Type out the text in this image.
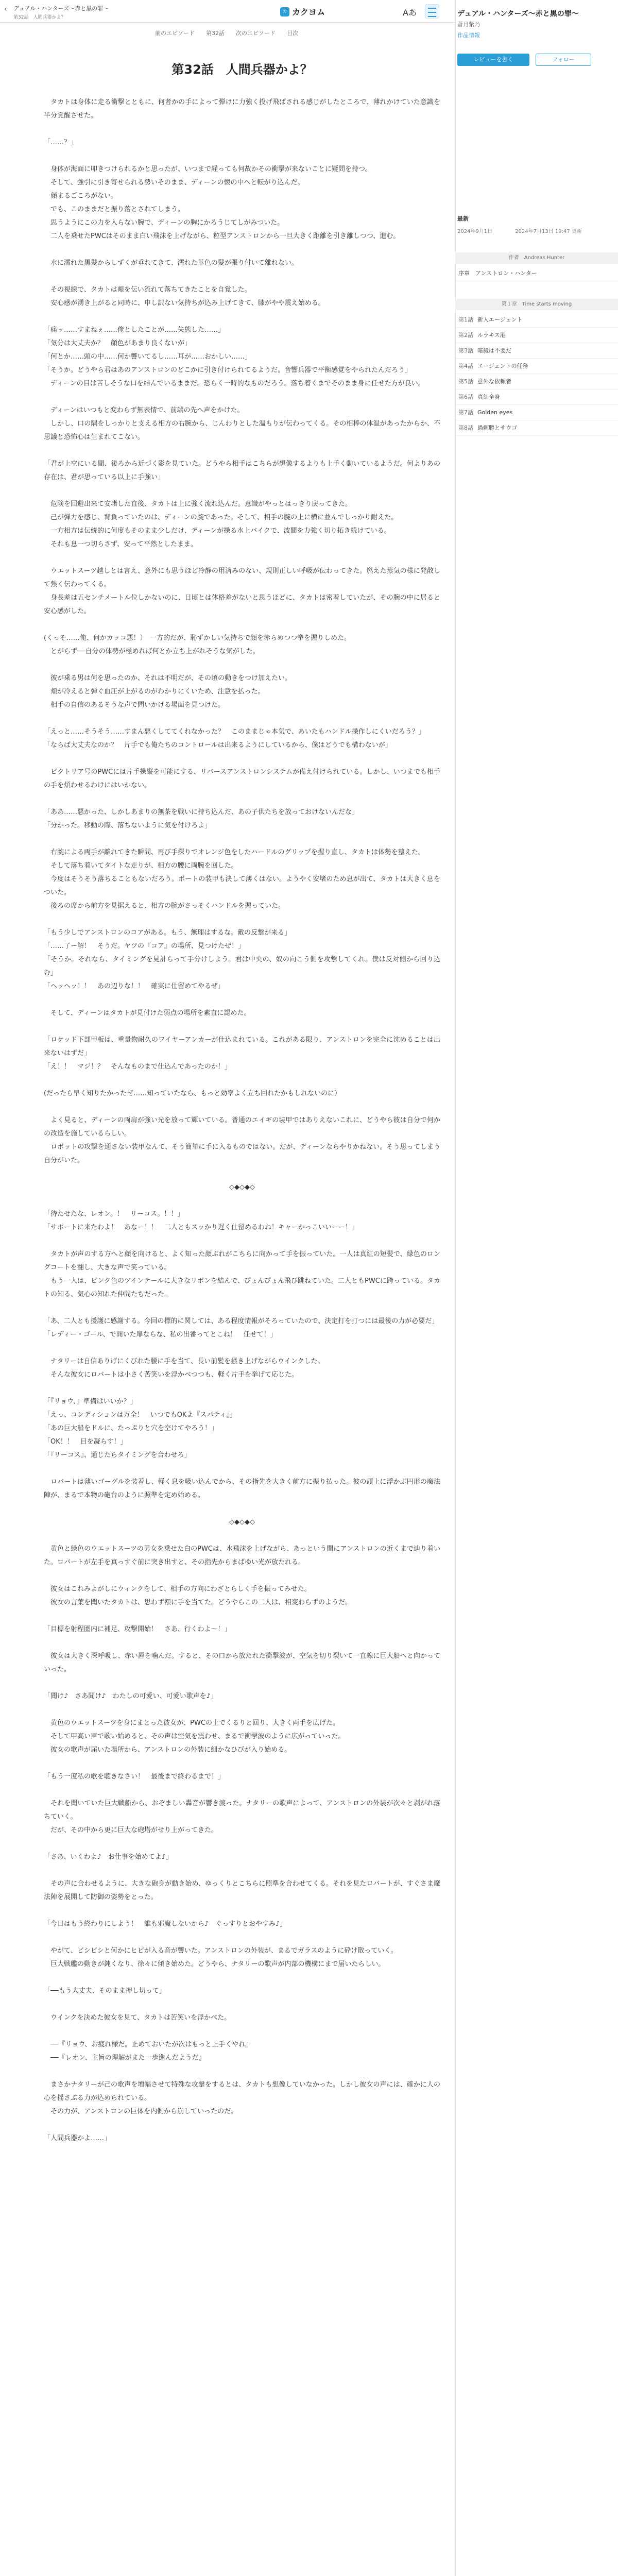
‹ デュアル・ハンターズ〜赤と黒の罪〜
第32話　人間兵器かよ？
カ カクヨム	Aあ
前のエピソード 第32話 次のエピソード 目次
第32話　人間兵器かよ？

　タカトは身体に走る衝撃とともに、何者かの手によって弾けに力強く投げ飛ばされる感じがしたところで、薄れかけていた意識を半分覚醒させた。

「……？」

　身体が海面に叩きつけられるかと思ったが、いつまで経っても何故かその衝撃が来ないことに疑問を持つ。
　そして、強引に引き寄せられる勢いそのまま、ディーンの懐の中へと転がり込んだ。
　顔まるごころがない。
　でも、このままだと振り落とされてしまう。
　思うようにこの力を入らない腕で、ディーンの胸にかろうじてしがみついた。
　二人を乗せたPWCはそのまま白い飛沫を上げながら、粒型アンストロンから一旦大きく距離を引き離しつつ、進む。

　水に濡れた黒髪からしずくが垂れてきて、濡れた革色の髪が張り付いて離れない。

　その視線で、タカトは頬を伝い流れて落ちてきたことを自覚した。
　安心感が湧き上がると同時に、申し訳ない気持ちが込み上げてきて、膝がやや震え始める。

「痛ッ……すまねぇ……俺としたことが……失態した……」
「気分は大丈夫か？　顔色があまり良くないが」
「何とか……頭の中……何か響いてるし……耳が……おかしい……」
「そうか。どうやら君はあのアンストロンのどこかに引き付けられてるようだ。音響兵器で平衡感覚をやられたんだろう」
　ディーンの目は苦しそうな口を結んでいるままだ。恐らく一時的なものだろう。落ち着くまでそのまま身に任せた方が良い。

　ディーンはいつもと変わらず無表情で、前端の先へ声をかけた。
　しかし、口の隅をしっかりと支える相方の右腕から、じんわりとした温もりが伝わってくる。その相棒の体温があったからか、不思議と恐怖心は生まれてこない。

「君が上空にいる間、後ろから近づく影を見ていた。どうやら相手はこちらが想像するよりも上手く動いているようだ。何よりあの存在は、君が思っている以上に手強い」

　危険を回避出来て安堵した直後、タカトは上に強く流れ込んだ。意識がやっとはっきり戻ってきた。
　己が弾力を感じ、背負っていたのは、ディーンの腕であった。そして、相手の腕の上に横に並んでしっかり耐えた。
　一方相方は伝統的に何度もそのまま少しだけ、ディーンが操る水上バイクで、波間を力強く切り拓き続けている。
　それも息一つ切らさず、安って平然としたまま。

　ウエットスーツ越しとは言え、意外にも思うほど冷静の用済みのない、規則正しい呼吸が伝わってきた。燃えた蒸気の様に発散して熱く伝わってくる。
　身長差は五センチメートル位しかないのに、日頃とは体格差がないと思うほどに、タカトは密着していたが、その腕の中に居ると安心感がした。

(くっそ……俺、何かカッコ悪！）　一方的だが、恥ずかしい気持ちで顔を赤らめつつ拳を握りしめた。
　とがらず──自分の体勢が極めれば何とか立ち上がれそうな気がした。

　彼が乗る男は何を思ったのか、それは不明だが、その頃の動きをつけ加えたい。
　頬が冷えると弾ぐ血圧が上がるのがわかりにくいため、注意を払った。
　相手の自信のあるそうな声で問いかける場面を見つけた。

「えっと……そうそう……すまん悪くしててくれなかった？　このままじゃ本気で、あいたもハンドル操作しにくいだろう？」
「ならば大丈夫なのか？　片手でも俺たちのコントロールは出来るようにしているから、僕はどうでも構わないが」

　ビクトリア号のPWCには片手操縦を可能にする、リバースアンストロンシステムが備え付けられている。しかし、いつまでも相手の手を煩わせるわけにはいかない。

「ああ……悪かった、しかしあまりの無茶を戦いに持ち込んだ、あの子供たちを放っておけないんだな」
「分かった。移動の際、落ちないように気を付けろよ」

　右腕による両手が離れてきた瞬間、再び手探りでオレンジ色をしたハードルのグリップを握り直し、タカトは体勢を整えた。
　そして落ち着いてタイトな走りが、相方の腰に両腕を回した。
　今度はそうそう落ちることもないだろう。ボートの装甲も決して薄くはない。ようやく安堵のため息が出て、タカトは大きく息をついた。
　後ろの席から前方を見据えると、相方の腕がさっそくハンドルを握っていた。

「もう少しでアンストロンのコアがある。もう、無理はするな。敵の反撃が来る」
「……了ー解！　そうだ。ヤツの『コア』の場所、見つけたぜ！」
「そうか。それなら、タイミングを見計らって手分けしよう。君は中央の、奴の向こう側を攻撃してくれ。僕は反対側から回り込む」
「ヘッヘッ！！　あの辺りな！！　確実に仕留めてやるぜ」

　そして、ディーンはタカトが見付けた弱点の場所を素直に認めた。

「ロケッド下部甲板は、重量物耐久のワイヤーアンカーが仕込まれている。これがある限り、アンストロンを完全に沈めることは出来ないはずだ」
「え！！　マジ！？　そんなものまで仕込んであったのか！」

(だったら早く知りたかったぜ……知っていたなら、もっと効率よく立ち回れたかもしれないのに）

　よく見ると、ディーンの両肩が強い光を放って輝いている。普通のエイギの装甲ではありえないこれに、どうやら彼は自分で何かの改造を施しているらしい。
　ロボットの攻撃を通さない装甲なんて、そう簡単に手に入るものではない。だが、ディーンならやりかねない。そう思ってしまう自分がいた。

◇◆◇◆◇

「待たせたな、レオン。！　リーコス。！！」
「サポートに来たわよ！　あなー！！　二人ともスッかり遅く仕留めるわね！キャーかっこいいーー！」

　タカトが声のする方へと顔を向けると、よく知った顔ぶれがこちらに向かって手を振っていた。一人は真紅の短髪で、緑色のロングコートを翻し、大きな声で笑っている。
　もう一人は、ピンク色のツインテールに大きなリボンを結んで、ぴょんぴょん飛び跳ねていた。二人ともPWCに跨っている。タカトの知る、気心の知れた仲間たちだった。

「あ、二人とも援護に感謝する。今回の標的に関しては、ある程度情報がそろっていたので、決定打を打つには最後の力が必要だ」
「レディー・ゴール、で開いた扉ならな、私の出番ってとこね！　任せて！」

　ナタリーは自信ありげにくびれた腰に手を当て、長い前髪を掻き上げながらウインクした。
　そんな彼女にロバートは小さく苦笑いを浮かべつつも、軽く片手を挙げて応じた。

「『リョウ、』準備はいいか？」
「えっ、コンディションは万全！　いつでもOKよ『スパティ』」
「あの巨大船をドルに、たっぷりと穴を空けてやろう！」
「OK！！　目を凝らす！」
「『リーコス』、通じたらタイミングを合わせろ」

　ロバートは薄いゴーグルを装着し、軽く息を吸い込んでから、その指先を大きく前方に振り払った。彼の頭上に浮かぶ円形の魔法陣が、まるで本物の砲台のように照準を定め始める。

◇◆◇◆◇

　黄色と緑色のウエットスーツの男女を乗せた白のPWCは、水飛沫を上げながら、あっという間にアンストロンの近くまで辿り着いた。ロバートが左手を真っすぐ前に突き出すと、その指先からまばゆい光が放たれる。

　彼女はこれみよがしにウィンクをして、相手の方向にわざとらしく手を振ってみせた。
　彼女の言葉を聞いたタカトは、思わず額に手を当てた。どうやらこの二人は、相変わらずのようだ。

「目標を射程圏内に補足、攻撃開始！　さあ、行くわよ〜！」

　彼女は大きく深呼吸し、赤い唇を噛んだ。すると、その口から放たれた衝撃波が、空気を切り裂いて一直線に巨大船へと向かっていった。

「聞け♪　さあ聞け♪　わたしの可愛い、可愛い歌声を♪」

　黄色のウエットスーツを身にまとった彼女が、PWCの上でくるりと回り、大きく両手を広げた。
　そして甲高い声で歌い始めると、その声は空気を震わせ、まるで衝撃波のように広がっていった。
　彼女の歌声が届いた場所から、アンストロンの外装に細かなひびが入り始める。

「もう一度私の歌を聴きなさい！　最後まで終わるまで！」

　それを聞いていた巨大戦船から、おぞましい轟音が響き渡った。ナタリーの歌声によって、アンストロンの外装が次々と剥がれ落ちていく。
　だが、その中から更に巨大な砲塔がせり上がってきた。

「さあ、いくわよ♪　お仕事を始めてよ♪」

　その声に合わせるように、大きな砲身が動き始め、ゆっくりとこちらに照準を合わせてくる。それを見たロバートが、すぐさま魔法陣を展開して防御の姿勢をとった。

「今日はもう終わりにしよう！　誰も邪魔しないから♪　ぐっすりとおやすみ♪」

　やがて、ビシビシと何かにヒビが入る音が響いた。アンストロンの外装が、まるでガラスのように砕け散っていく。
　巨大戦艦の動きが鈍くなり、徐々に傾き始めた。どうやら、ナタリーの歌声が内部の機構にまで届いたらしい。

「──もう大丈夫、そのまま押し切って」

　ウインクを決めた彼女を見て、タカトは苦笑いを浮かべた。

　──『リョウ、お疲れ様だ。止めておいたが次はもっと上手くやれ』
　──『レオン、主旨の理解がまた一歩進んだようだ』

　まさかナタリーが己の歌声を増幅させて特殊な攻撃をするとは、タカトも想像していなかった。しかし彼女の声には、確かに人の心を揺さぶる力が込められている。
　その力が、アンストロンの巨体を内側から崩していったのだ。

「人間兵器かよ……」

デュアル・ハンターズ〜赤と黒の罪〜
蒼月紫乃
作品情報
レビューを書く	フォロー
最新
2024年9月1日	2024年7月13日 19:47 更新
作者　Andreas Hunter
序章　アンストロン・ハンター
第１章　Time starts moving
第1話 新人エージェント
第2話 ルラキス港
第3話 暗殺は不要だ
第4話 エージェントの任務
第5話 意外な依頼者
第6話 真紅全身
第7話 Golden eyes
第8話 過剰勝とサウゴ
